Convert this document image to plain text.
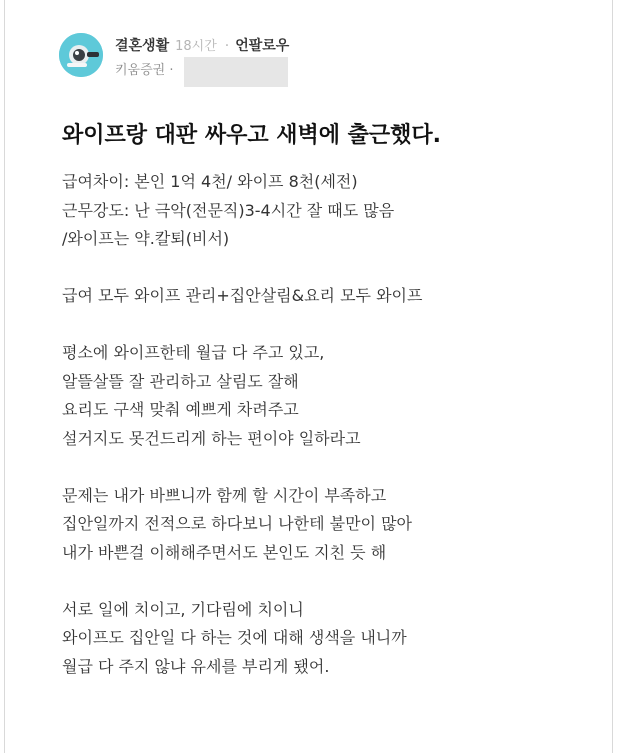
결혼생활 18시간 · 언팔로우
키움증권 ·
와이프랑 대판 싸우고 새벽에 출근했다.
급여차이: 본인 1억 4천/ 와이프 8천(세전)
근무강도: 난 극악(전문직)3-4시간 잘 때도 많음
/와이프는 약.칼퇴(비서)
급여 모두 와이프 관리+집안살림&요리 모두 와이프
평소에 와이프한테 월급 다 주고 있고,
알뜰살뜰 잘 관리하고 살림도 잘해
요리도 구색 맞춰 예쁘게 차려주고
설거지도 못건드리게 하는 편이야 일하라고
문제는 내가 바쁘니까 함께 할 시간이 부족하고
집안일까지 전적으로 하다보니 나한테 불만이 많아
내가 바쁜걸 이해해주면서도 본인도 지친 듯 해
서로 일에 치이고, 기다림에 치이니
와이프도 집안일 다 하는 것에 대해 생색을 내니까
월급 다 주지 않냐 유세를 부리게 됐어.
